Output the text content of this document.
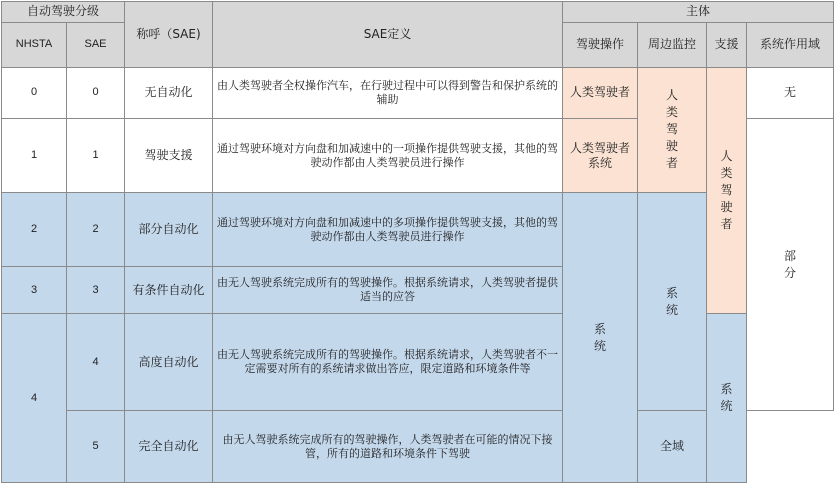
自动驾驶分级		称呼（SAE)	SAE定义	主体			
NHSTA	SAE			驾驶操作	周边监控	支援	系统作用域
0	0	无自动化	由人类驾驶者全权操作汽车，在行驶过程中可以得到警告和保护系统的辅助	人类驾驶者	人类驾驶者	人类驾驶者	无
1	1	驾驶支援	通过驾驶环境对方向盘和加减速中的一项操作提供驾驶支援，其他的驾驶动作都由人类驾驶员进行操作	人类驾驶者系统			部分
2	2	部分自动化	通过驾驶环境对方向盘和加减速中的多项操作提供驾驶支援，其他的驾驶动作都由人类驾驶员进行操作	系统	系统		
3	3	有条件自动化	由无人驾驶系统完成所有的驾驶操作。根据系统请求，人类驾驶者提供适当的应答				
4	4	高度自动化	由无人驾驶系统完成所有的驾驶操作。根据系统请求，人类驾驶者不一定需要对所有的系统请求做出答应，限定道路和环境条件等			系统	
	5	完全自动化	由无人驾驶系统完成所有的驾驶操作，人类驾驶者在可能的情况下接管，所有的道路和环境条件下驾驶		全域		
